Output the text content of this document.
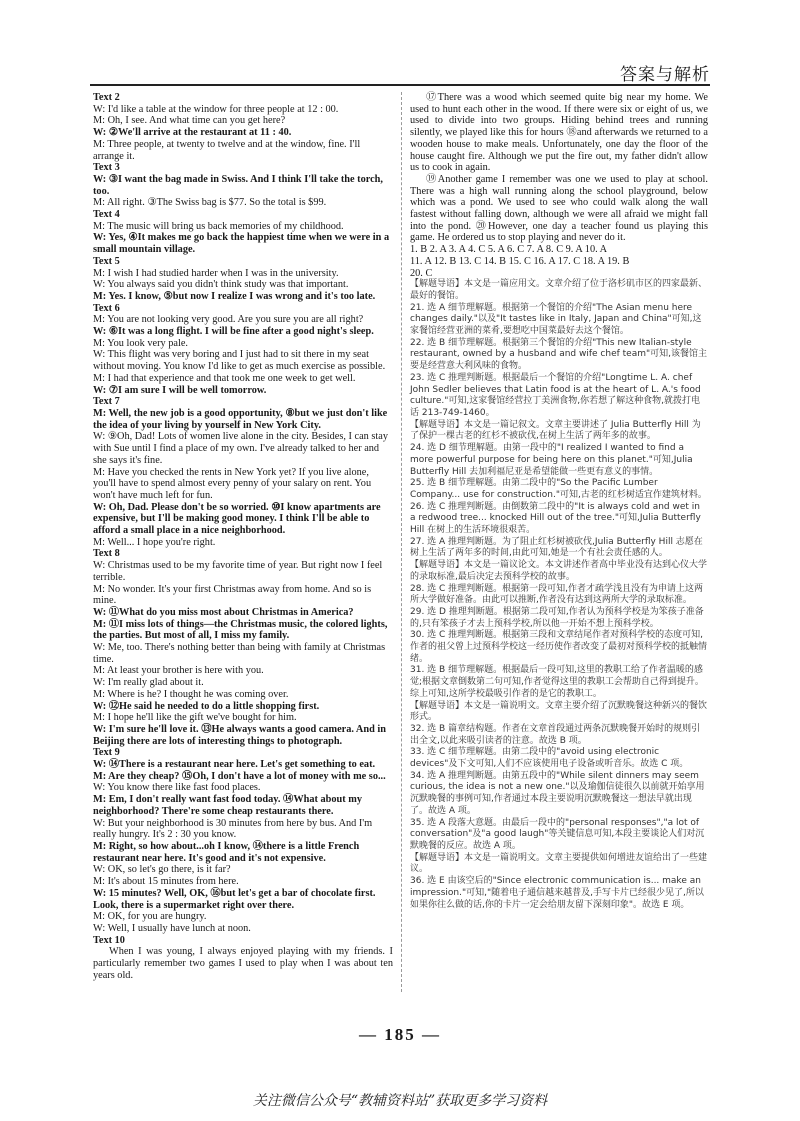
答案与解析

Text 2

W: I'd like a table at the window for three people at 12 : 00.

M: Oh, I see. And what time can you get here?

W: ②We'll arrive at the restaurant at 11 : 40.

M: Three people, at twenty to twelve and at the window, fine. I'll arrange it.

Text 3

W: ③I want the bag made in Swiss. And I think I'll take the torch, too.

M: All right. ③The Swiss bag is $77. So the total is $99.

Text 4

M: The music will bring us back memories of my childhood.

W: Yes, ④It makes me go back the happiest time when we were in a small mountain village.

Text 5

M: I wish I had studied harder when I was in the university.

W: You always said you didn't think study was that important.

M: Yes. I know, ⑤but now I realize I was wrong and it's too late.

Text 6

M: You are not looking very good. Are you sure you are all right?

W: ⑥It was a long flight. I will be fine after a good night's sleep.

M: You look very pale.

W: This flight was very boring and I just had to sit there in my seat without moving. You know I'd like to get as much exercise as possible.

M: I had that experience and that took me one week to get well.

W: ⑦I am sure I will be well tomorrow.

Text 7

M: Well, the new job is a good opportunity, ⑧but we just don't like the idea of your living by yourself in New York City.

W: ⑨Oh, Dad! Lots of women live alone in the city. Besides, I can stay with Sue until I find a place of my own. I've already talked to her and she says it's fine.

M: Have you checked the rents in New York yet? If you live alone, you'll have to spend almost every penny of your salary on rent. You won't have much left for fun.

W: Oh, Dad. Please don't be so worried. ⑩I know apartments are expensive, but I'll be making good money. I think I'll be able to afford a small place in a nice neighborhood.

M: Well... I hope you're right.

Text 8

W: Christmas used to be my favorite time of year. But right now I feel terrible.

M: No wonder. It's your first Christmas away from home. And so is mine.

W: ⑪What do you miss most about Christmas in America?

M: ⑪I miss lots of things—the Christmas music, the colored lights, the parties. But most of all, I miss my family.

W: Me, too. There's nothing better than being with family at Christmas time.

M: At least your brother is here with you.

W: I'm really glad about it.

M: Where is he? I thought he was coming over.

W: ⑫He said he needed to do a little shopping first.

M: I hope he'll like the gift we've bought for him.

W: I'm sure he'll love it. ⑬He always wants a good camera. And in Beijing there are lots of interesting things to photograph.

Text 9

W: ⑭There is a restaurant near here. Let's get something to eat.

M: Are they cheap? ⑮Oh, I don't have a lot of money with me so...

W: You know there like fast food places.

M: Em, I don't really want fast food today. ⑭What about my neighborhood? There're some cheap restaurants there.

W: But your neighborhood is 30 minutes from here by bus. And I'm really hungry. It's 2 : 30 you know.

M: Right, so how about...oh I know, ⑭there is a little French restaurant near here. It's good and it's not expensive.

W: OK, so let's go there, is it far?

M: It's about 15 minutes from here.

W: 15 minutes? Well, OK, ⑯but let's get a bar of chocolate first. Look, there is a supermarket right over there.

M: OK, for you are hungry.

W: Well, I usually have lunch at noon.

Text 10

When I was young, I always enjoyed playing with my friends. I particularly remember two games I used to play when I was about ten years old.

⑰There was a wood which seemed quite big near my home. We used to hunt each other in the wood. If there were six or eight of us, we used to divide into two groups. Hiding behind trees and running silently, we played like this for hours ⑱and afterwards we returned to a wooden house to make meals. Unfortunately, one day the floor of the house caught fire. Although we put the fire out, my father didn't allow us to cook in again.

⑲Another game I remember was one we used to play at school. There was a high wall running along the school playground, below which was a pond. We used to see who could walk along the wall fastest without falling down, although we were all afraid we might fall into the pond. ⑳However, one day a teacher found us playing this game. He ordered us to stop playing and never do it.

1. B 2. A 3. A 4. C 5. A 6. C 7. A 8. C 9. A 10. A

11. A 12. B 13. C 14. B 15. C 16. A 17. C 18. A 19. B

20. C

【解题导语】本文是一篇应用文。文章介绍了位于洛杉矶市区的四家最新、最好的餐馆。

21. 选 A 细节理解题。根据第一个餐馆的介绍"The Asian menu here changes daily."以及"It tastes like in Italy, Japan and China"可知,这家餐馆经营亚洲的菜肴,要想吃中国菜最好去这个餐馆。

22. 选 B 细节理解题。根据第三个餐馆的介绍"This new Italian-style restaurant, owned by a husband and wife chef team"可知,该餐馆主要是经营意大利风味的食物。

23. 选 C 推理判断题。根据最后一个餐馆的介绍"Longtime L. A. chef John Sedler believes that Latin food is at the heart of L. A.'s food culture."可知,这家餐馆经营拉丁美洲食物,你若想了解这种食物,就拨打电话 213-749-1460。

【解题导语】本文是一篇记叙文。文章主要讲述了 Julia Butterfly Hill 为了保护一棵古老的红杉不被砍伐,在树上生活了两年多的故事。

24. 选 D 细节理解题。由第一段中的"I realized I wanted to find a more powerful purpose for being here on this planet."可知,Julia Butterfly Hill 去加利福尼亚是希望能做一些更有意义的事情。

25. 选 B 细节理解题。由第二段中的"So the Pacific Lumber Company... use for construction."可知,古老的红杉树适宜作建筑材料。

26. 选 C 推理判断题。由倒数第二段中的"It is always cold and wet in a redwood tree... knocked Hill out of the tree."可知,Julia Butterfly Hill 在树上的生活环境很艰苦。

27. 选 A 推理判断题。为了阻止红杉树被砍伐,Julia Butterfly Hill 志愿在树上生活了两年多的时间,由此可知,她是一个有社会责任感的人。

【解题导语】本文是一篇议论文。本文讲述作者高中毕业没有达到心仪大学的录取标准,最后决定去预科学校的故事。

28. 选 C 推理判断题。根据第一段可知,作者才疏学浅且没有为申请上这两所大学做好准备。由此可以推断,作者没有达到这两所大学的录取标准。

29. 选 D 推理判断题。根据第二段可知,作者认为预科学校是为笨孩子准备的,只有笨孩子才去上预科学校,所以他一开始不想上预科学校。

30. 选 C 推理判断题。根据第三段和文章结尾作者对预科学校的态度可知,作者的祖父曾上过预科学校这一经历使作者改变了最初对预科学校的抵触情绪。

31. 选 B 细节理解题。根据最后一段可知,这里的教职工给了作者温暖的感觉;根据文章倒数第二句可知,作者觉得这里的教职工会帮助自己得到提升。综上可知,这所学校最吸引作者的是它的教职工。

【解题导语】本文是一篇说明文。文章主要介绍了沉默晚餐这种新兴的餐饮形式。

32. 选 B 篇章结构题。作者在文章首段通过两条沉默晚餐开始时的规则引出全文,以此来吸引读者的注意。故选 B 项。

33. 选 C 细节理解题。由第二段中的"avoid using electronic devices"及下文可知,人们不应该使用电子设备或听音乐。故选 C 项。

34. 选 A 推理判断题。由第五段中的"While silent dinners may seem curious, the idea is not a new one."以及瑜伽信徒很久以前就开始享用沉默晚餐的事例可知,作者通过本段主要说明沉默晚餐这一想法早就出现了。故选 A 项。

35. 选 A 段落大意题。由最后一段中的"personal responses","a lot of conversation"及"a good laugh"等关键信息可知,本段主要谈论人们对沉默晚餐的反应。故选 A 项。

【解题导语】本文是一篇说明文。文章主要提供如何增进友谊给出了一些建议。

36. 选 E 由该空后的"Since electronic communication is... make an impression."可知,"随着电子通信越来越普及,手写卡片已经很少见了,所以如果你往么做的话,你的卡片一定会给朋友留下深刻印象"。故选 E 项。

— 185 —
关注微信公众号“教辅资料站”获取更多学习资料
